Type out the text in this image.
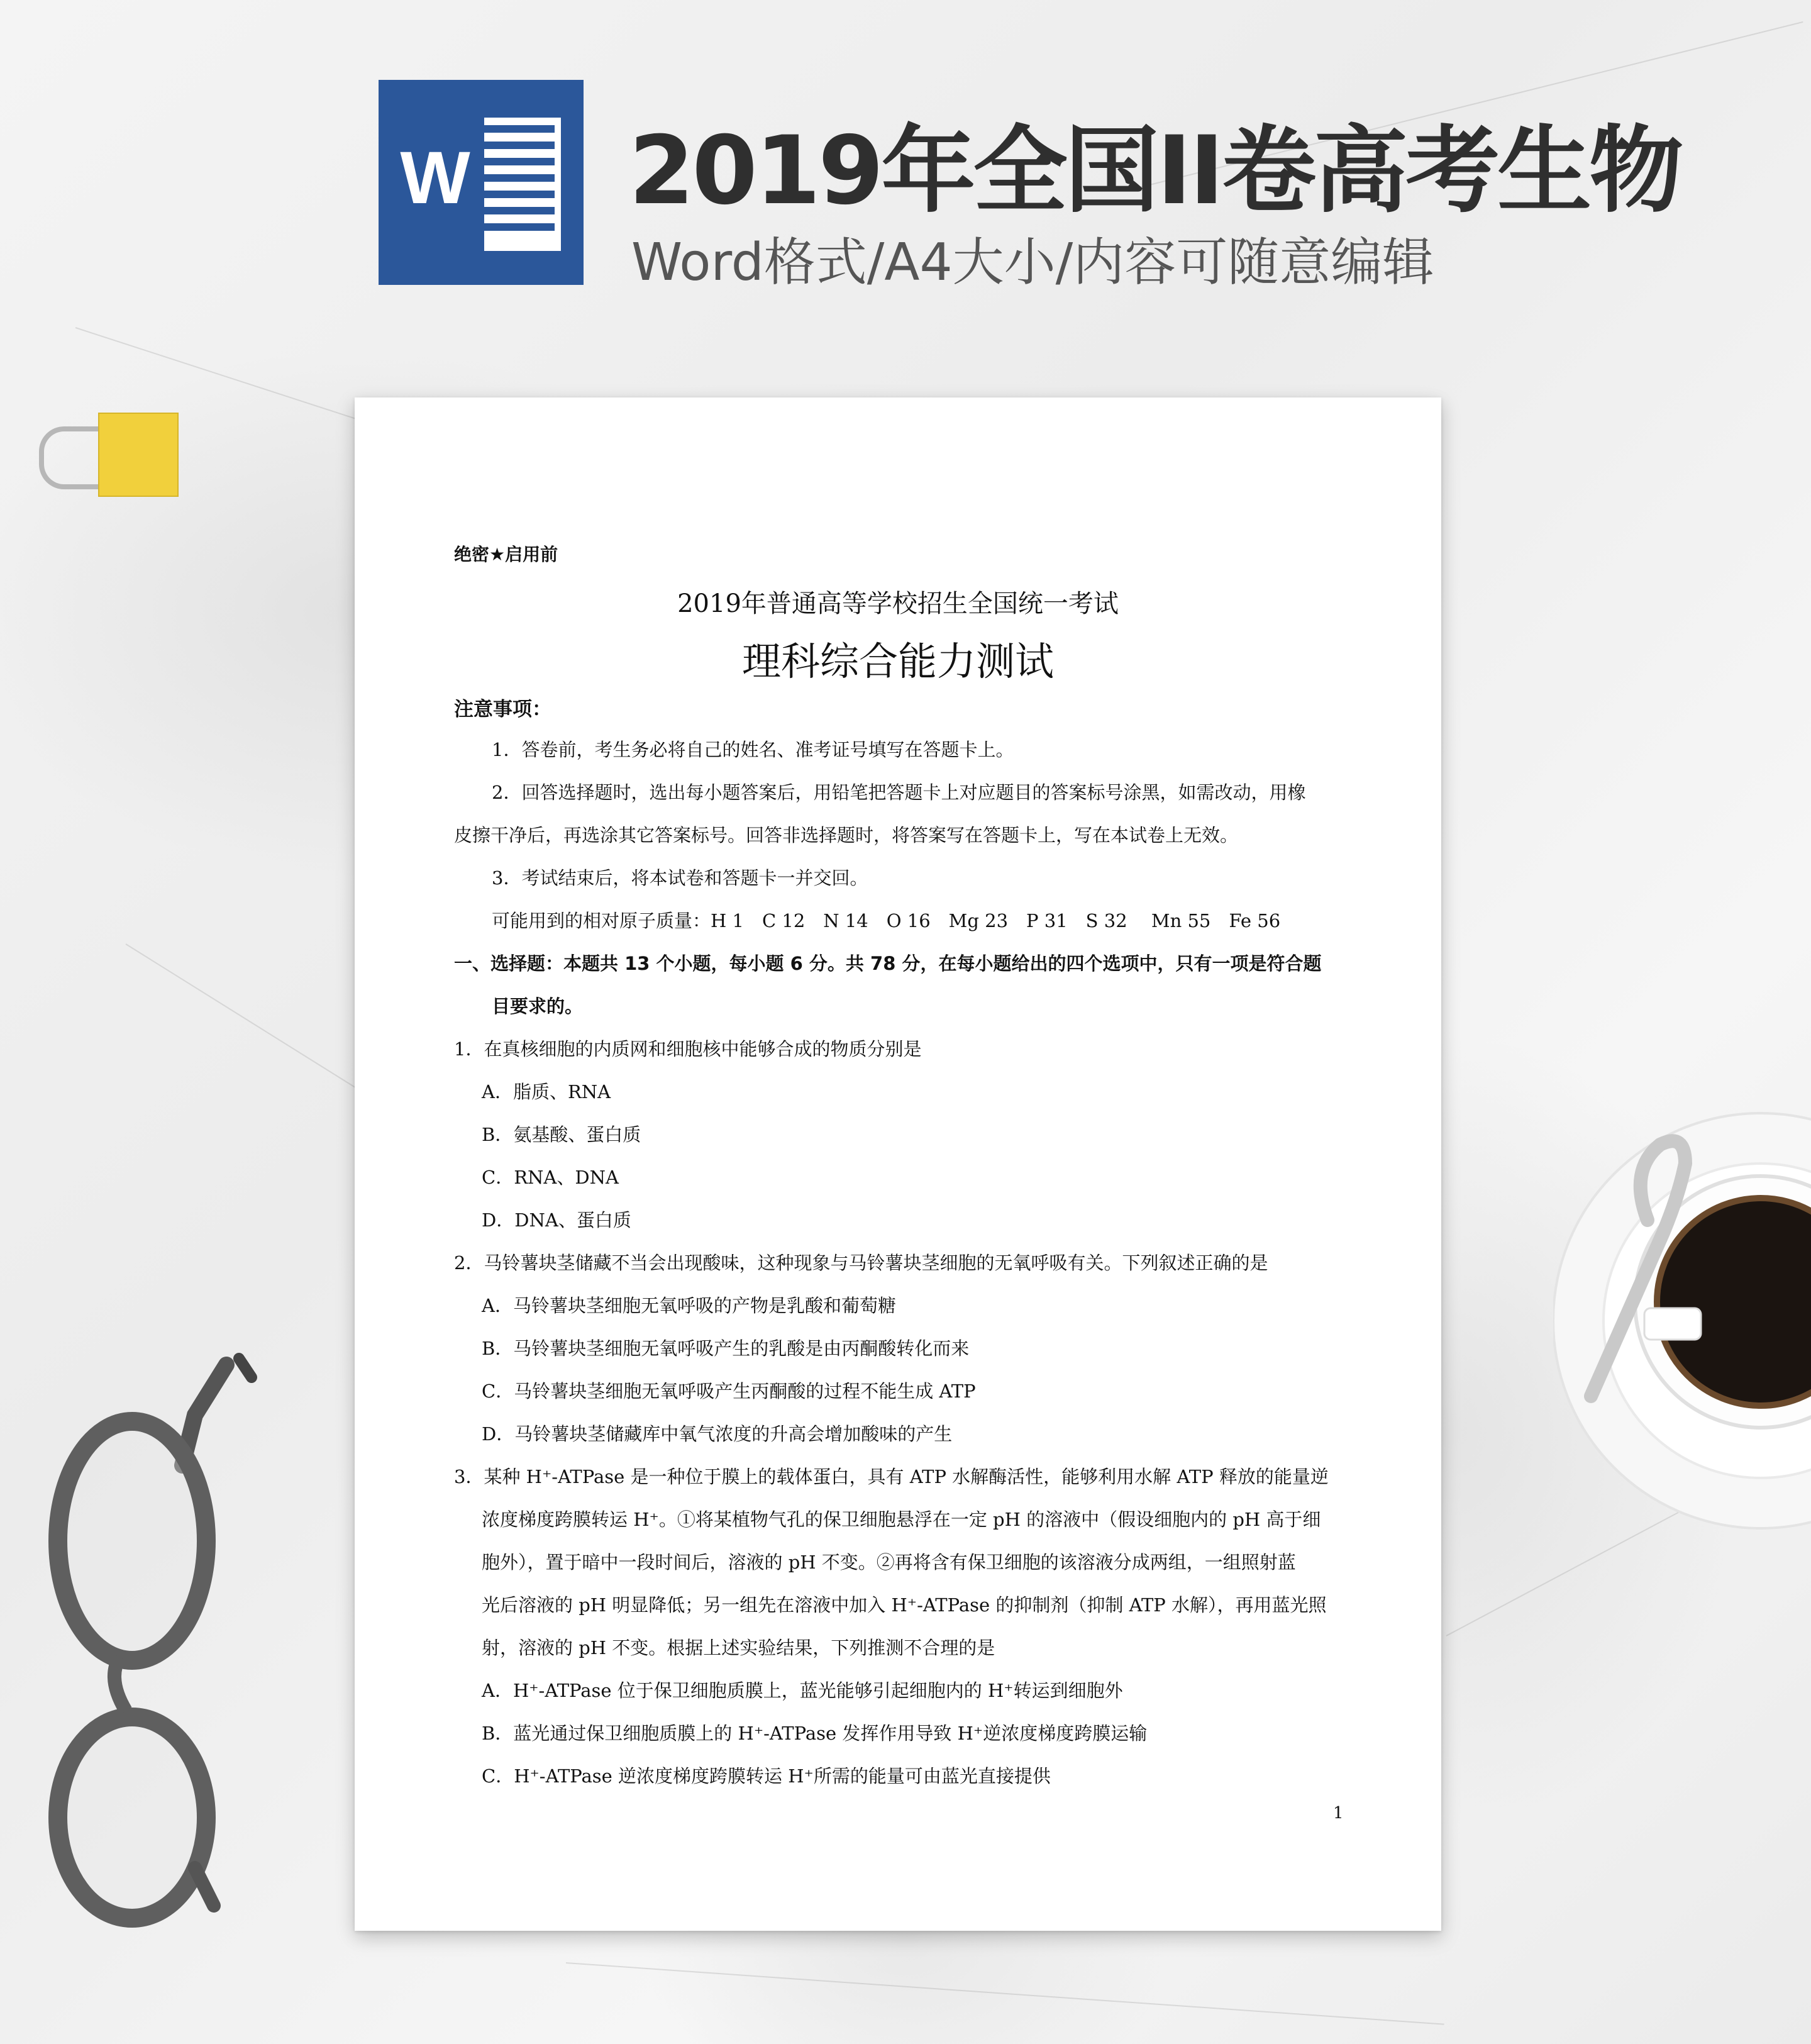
W 2019年全国II卷高考生物
Word格式/A4大小/内容可随意编辑
绝密★启用前
2019年普通高等学校招生全国统一考试
理科综合能力测试
注意事项：
1．答卷前，考生务必将自己的姓名、准考证号填写在答题卡上。
2．回答选择题时，选出每小题答案后，用铅笔把答题卡上对应题目的答案标号涂黑，如需改动，用橡
皮擦干净后，再选涂其它答案标号。回答非选择题时，将答案写在答题卡上，写在本试卷上无效。
3．考试结束后，将本试卷和答题卡一并交回。
可能用到的相对原子质量：H 1　C 12　N 14　O 16　Mg 23　P 31　S 32　 Mn 55　Fe 56
一、选择题：本题共 13 个小题，每小题 6 分。共 78 分，在每小题给出的四个选项中，只有一项是符合题
目要求的。
1．在真核细胞的内质网和细胞核中能够合成的物质分别是
A．脂质、RNA
B．氨基酸、蛋白质
C．RNA、DNA
D．DNA、蛋白质
2．马铃薯块茎储藏不当会出现酸味，这种现象与马铃薯块茎细胞的无氧呼吸有关。下列叙述正确的是
A．马铃薯块茎细胞无氧呼吸的产物是乳酸和葡萄糖
B．马铃薯块茎细胞无氧呼吸产生的乳酸是由丙酮酸转化而来
C．马铃薯块茎细胞无氧呼吸产生丙酮酸的过程不能生成 ATP
D．马铃薯块茎储藏库中氧气浓度的升高会增加酸味的产生
3．某种 H⁺-ATPase 是一种位于膜上的载体蛋白，具有 ATP 水解酶活性，能够利用水解 ATP 释放的能量逆
浓度梯度跨膜转运 H⁺。①将某植物气孔的保卫细胞悬浮在一定 pH 的溶液中（假设细胞内的 pH 高于细
胞外），置于暗中一段时间后，溶液的 pH 不变。②再将含有保卫细胞的该溶液分成两组，一组照射蓝
光后溶液的 pH 明显降低；另一组先在溶液中加入 H⁺-ATPase 的抑制剂（抑制 ATP 水解），再用蓝光照
射，溶液的 pH 不变。根据上述实验结果，下列推测不合理的是
A．H⁺-ATPase 位于保卫细胞质膜上，蓝光能够引起细胞内的 H⁺转运到细胞外
B．蓝光通过保卫细胞质膜上的 H⁺-ATPase 发挥作用导致 H⁺逆浓度梯度跨膜运输
C．H⁺-ATPase 逆浓度梯度跨膜转运 H⁺所需的能量可由蓝光直接提供
1
